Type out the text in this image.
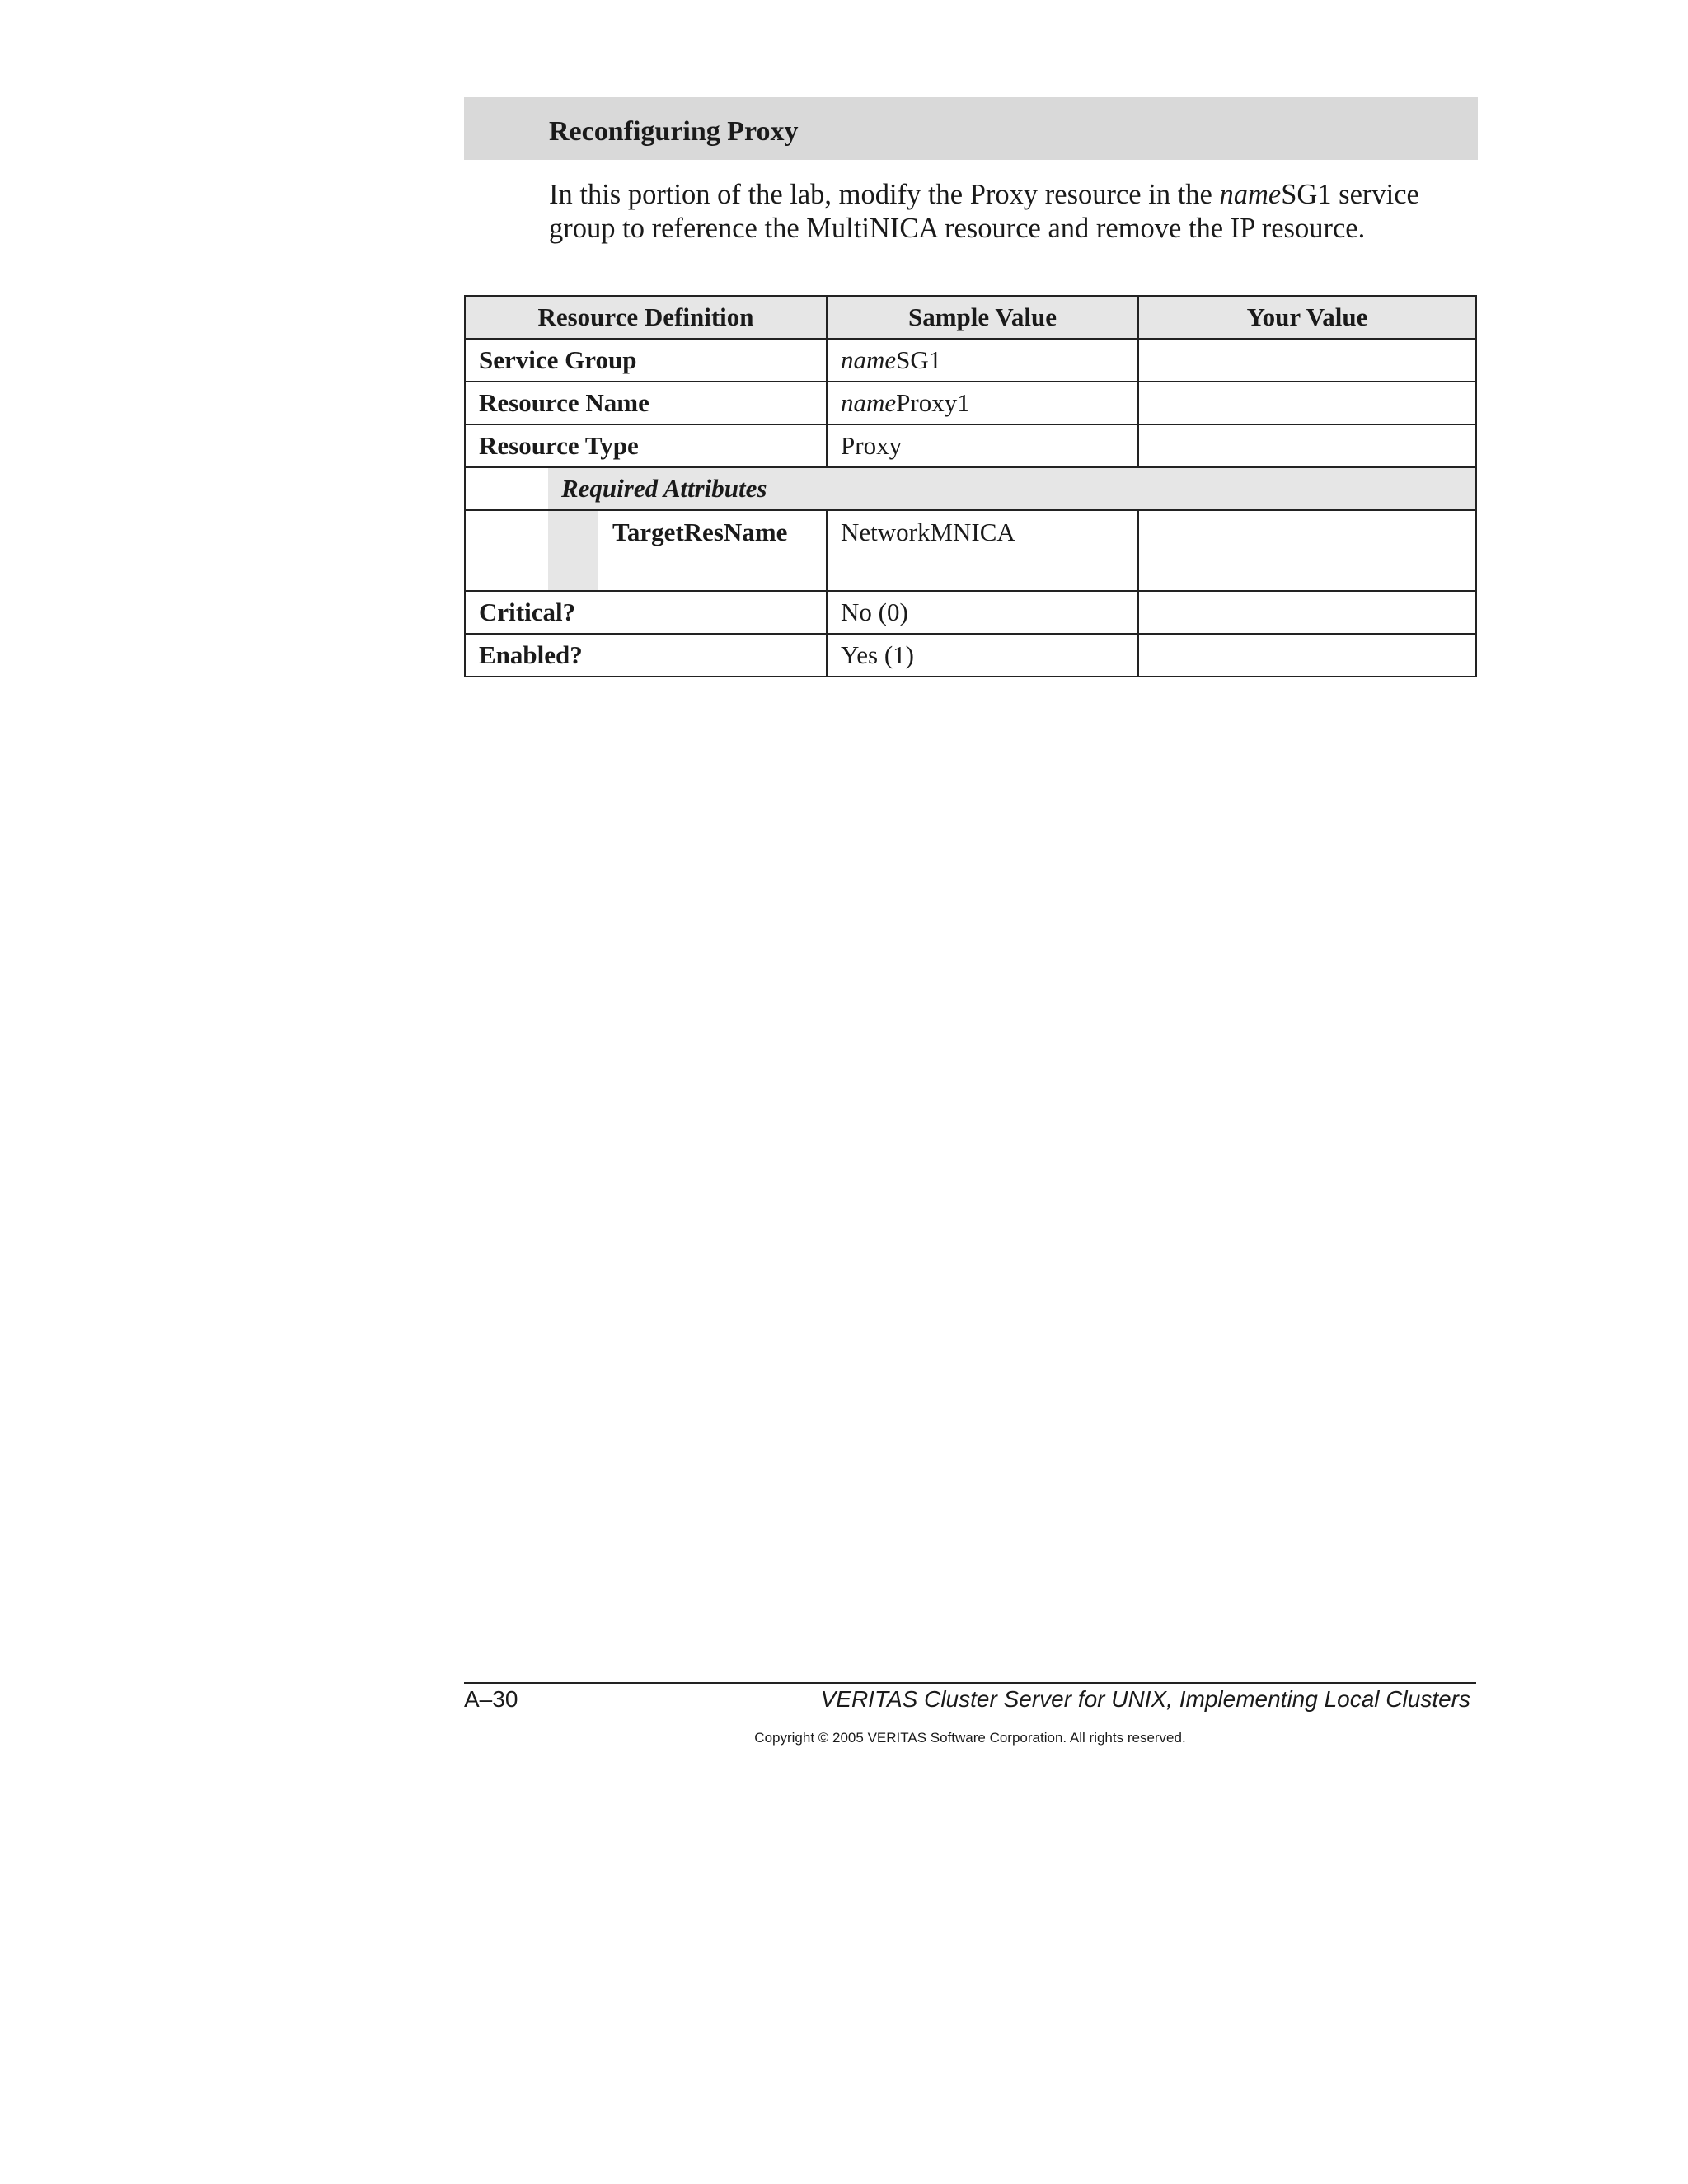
Reconfiguring Proxy

In this portion of the lab, modify the Proxy resource in the nameSG1 service group to reference the MultiNICA resource and remove the IP resource.

Resource Definition	Sample Value	Your Value
Service Group	nameSG1	
Resource Name	nameProxy1	
Resource Type	Proxy	

Required Attributes		

TargetResName	NetworkMNICA	
Critical?	No (0)	
Enabled?	Yes (1)	
A–30	VERITAS Cluster Server for UNIX, Implementing Local Clusters
Copyright © 2005 VERITAS Software Corporation. All rights reserved.
